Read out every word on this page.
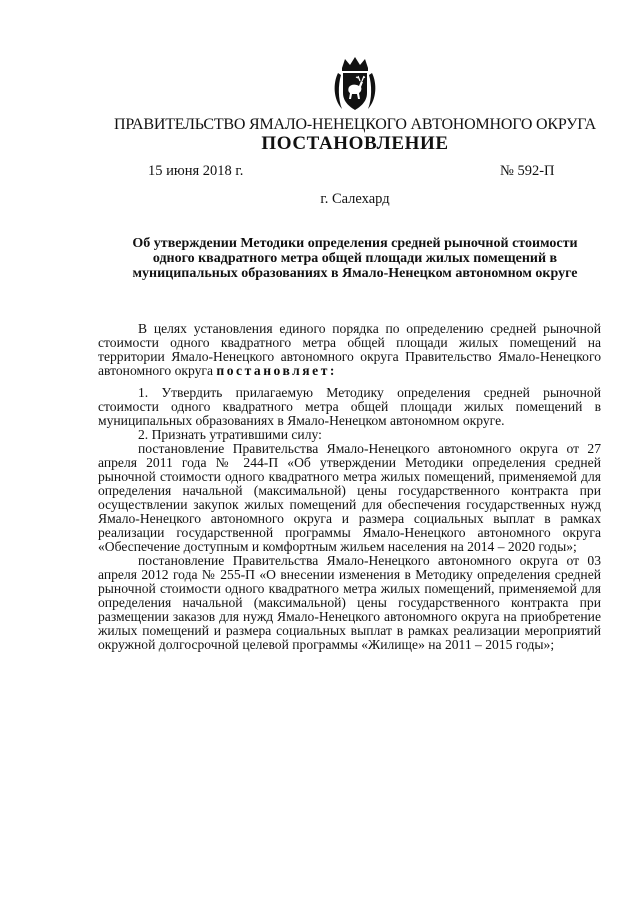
ПРАВИТЕЛЬСТВО ЯМАЛО-НЕНЕЦКОГО АВТОНОМНОГО ОКРУГА
ПОСТАНОВЛЕНИЕ
15 июня 2018 г.	№ 592-П
г. Салехард
Об утверждении Методики определения средней рыночной стоимости одного квадратного метра общей площади жилых помещений в муниципальных образованиях в Ямало-Ненецком автономном округе

В целях установления единого порядка по определению средней рыночной стоимости одного квадратного метра общей площади жилых помещений на территории Ямало-Ненецкого автономного округа Правительство Ямало-Ненецкого автономного округа постановляет:

1. Утвердить прилагаемую Методику определения средней рыночной стоимости одного квадратного метра общей площади жилых помещений в муниципальных образованиях в Ямало-Ненецком автономном округе.

2. Признать утратившими силу:

постановление Правительства Ямало-Ненецкого автономного округа от 27 апреля 2011 года № 244-П «Об утверждении Методики определения средней рыночной стоимости одного квадратного метра жилых помещений, применяемой для определения начальной (максимальной) цены государственного контракта при осуществлении закупок жилых помещений для обеспечения государственных нужд Ямало-Ненецкого автономного округа и размера социальных выплат в рамках реализации государственной программы Ямало-Ненецкого автономного округа «Обеспечение доступным и комфортным жильем населения на 2014 – 2020 годы»;

постановление Правительства Ямало-Ненецкого автономного округа от 03 апреля 2012 года № 255-П «О внесении изменения в Методику определения средней рыночной стоимости одного квадратного метра жилых помещений, применяемой для определения начальной (максимальной) цены государственного контракта при размещении заказов для нужд Ямало-Ненецкого автономного округа на приобретение жилых помещений и размера социальных выплат в рамках реализации мероприятий окружной долгосрочной целевой программы «Жилище» на 2011 – 2015 годы»;
